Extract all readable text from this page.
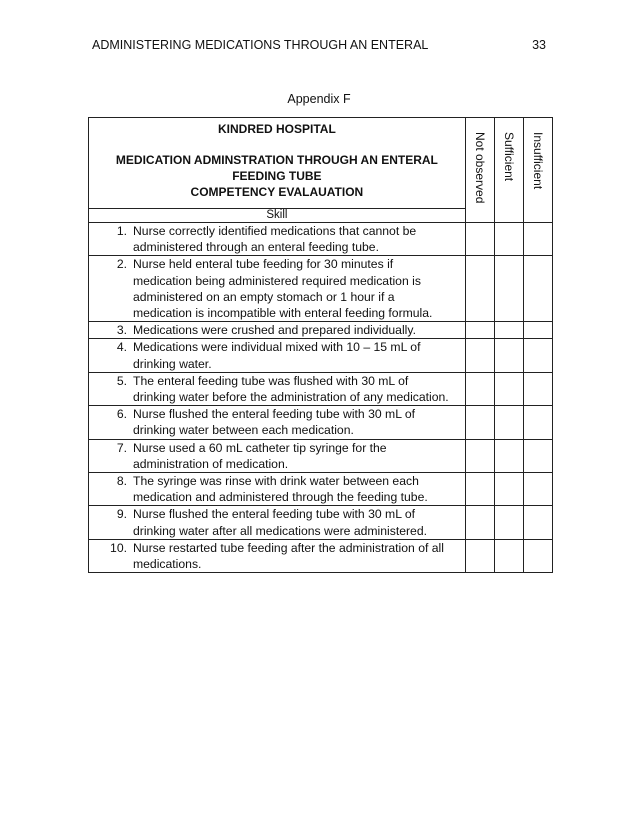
ADMINISTERING MEDICATIONS THROUGH AN ENTERAL	33
Appendix F
KINDRED HOSPITAL
MEDICATION ADMINSTRATION THROUGH AN ENTERAL
FEEDING TUBE
COMPETENCY EVALAUATION	Not observed	Sufficient	Insufficient

Skill			

1. Nurse correctly identified medications that cannot be
administered through an enteral feeding tube.			

2. Nurse held enteral tube feeding for 30 minutes if
medication being administered required medication is
administered on an empty stomach or 1 hour if a
medication is incompatible with enteral feeding formula.			

3. Medications were crushed and prepared individually.			

4. Medications were individual mixed with 10 – 15 mL of
drinking water.			

5. The enteral feeding tube was flushed with 30 mL of
drinking water before the administration of any medication.			

6. Nurse flushed the enteral feeding tube with 30 mL of
drinking water between each medication.			

7. Nurse used a 60 mL catheter tip syringe for the
administration of medication.			

8. The syringe was rinse with drink water between each
medication and administered through the feeding tube.			

9. Nurse flushed the enteral feeding tube with 30 mL of
drinking water after all medications were administered.			

10. Nurse restarted tube feeding after the administration of all
medications.			
